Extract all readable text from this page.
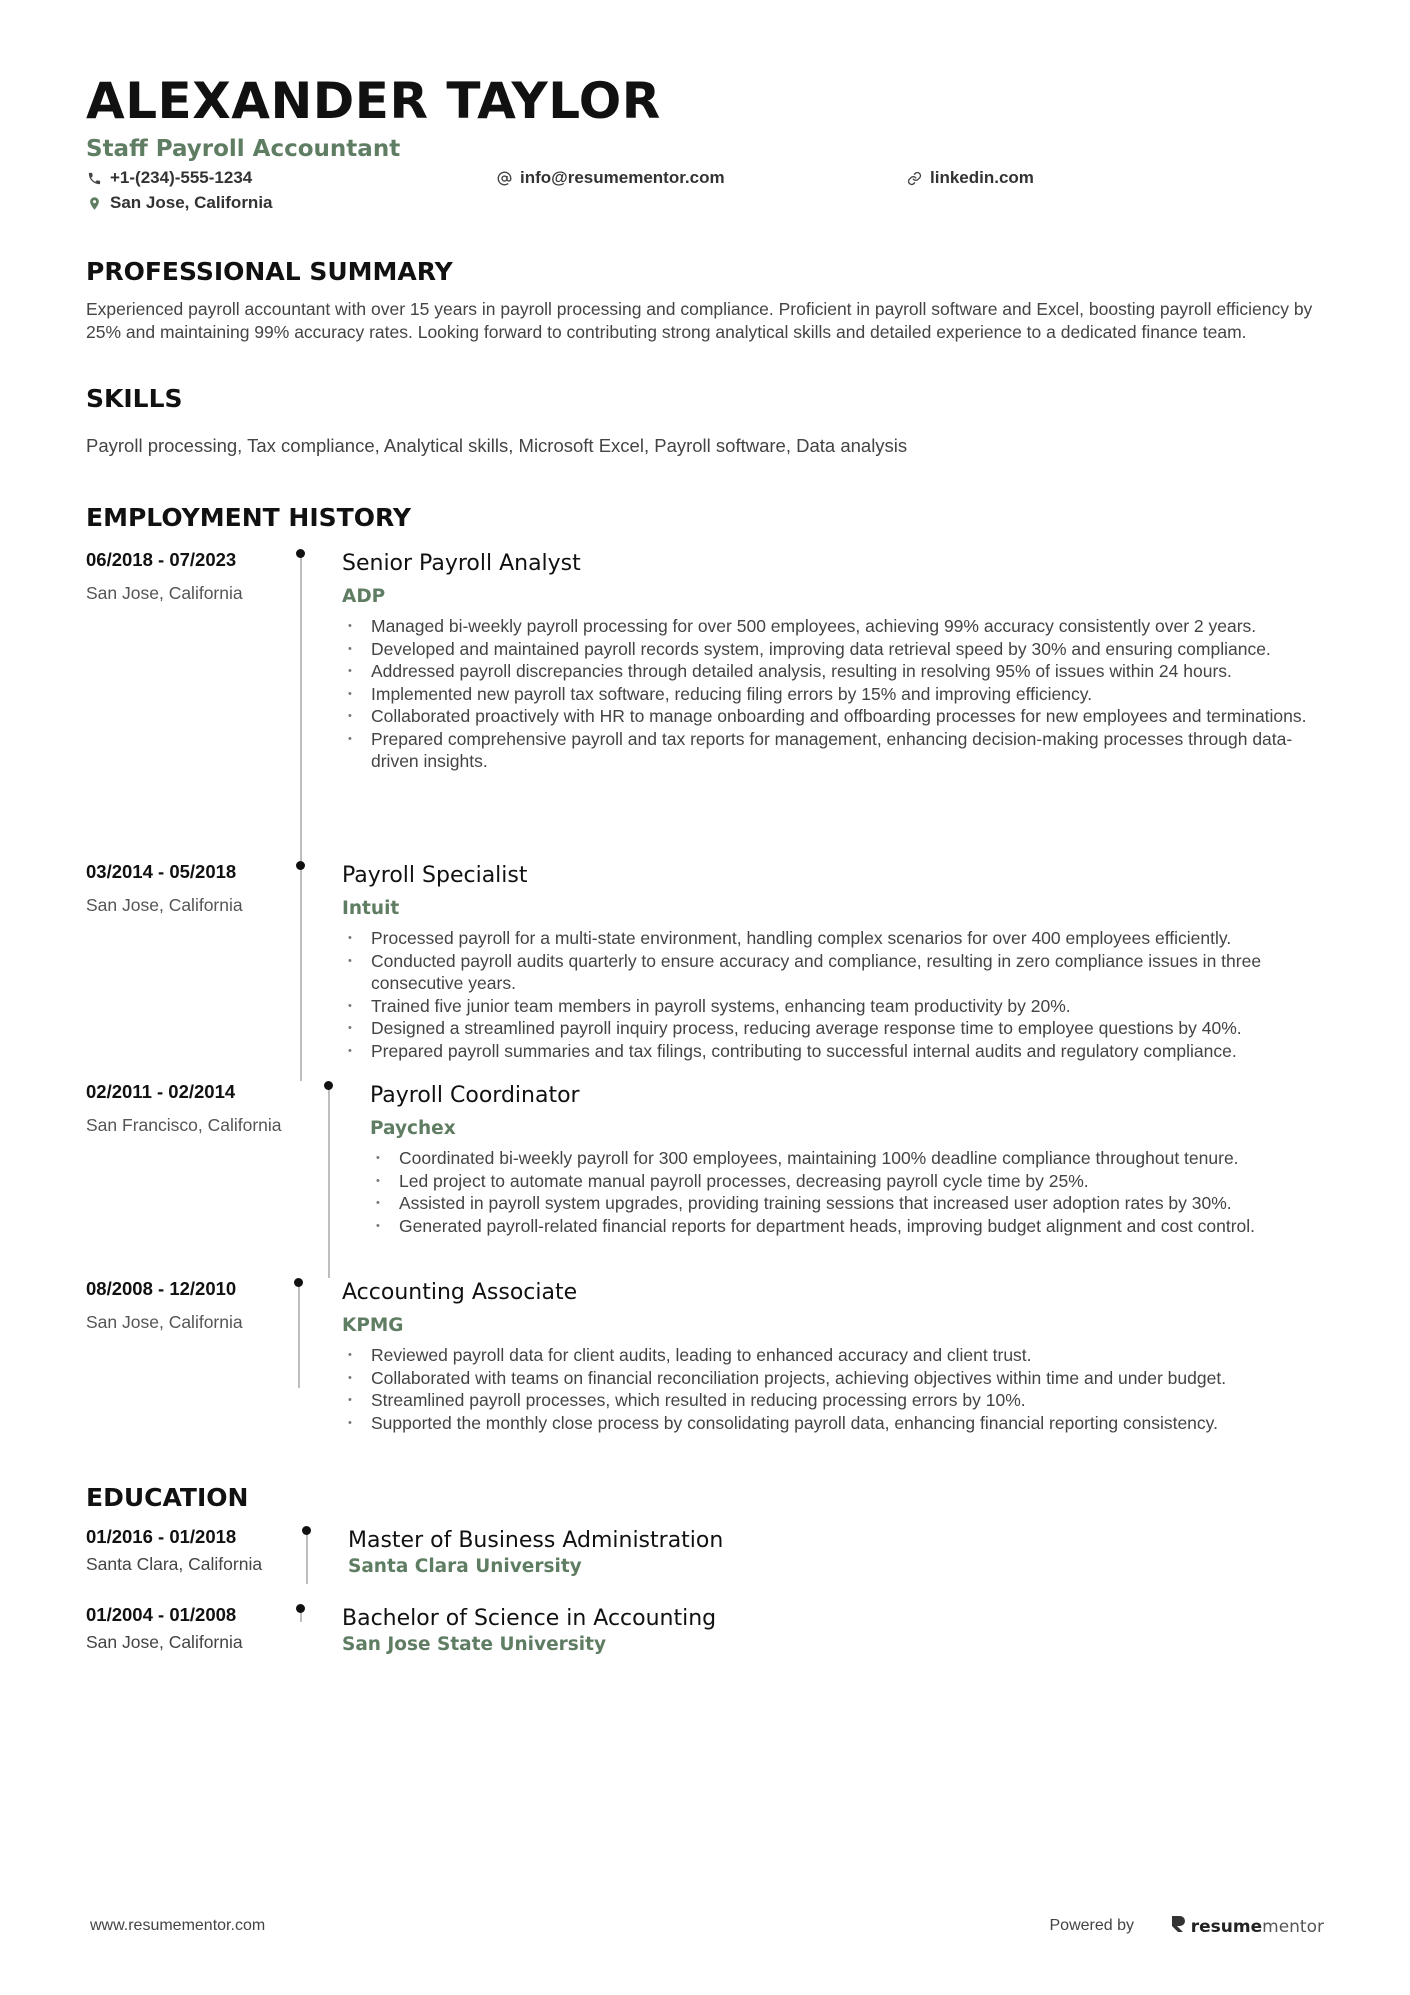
ALEXANDER TAYLOR
Staff Payroll Accountant
+1-(234)-555-1234	info@resumementor.com	linkedin.com
San Jose, California
PROFESSIONAL SUMMARY
Experienced payroll accountant with over 15 years in payroll processing and compliance. Proficient in payroll software and Excel, boosting payroll efficiency by 25% and maintaining 99% accuracy rates. Looking forward to contributing strong analytical skills and detailed experience to a dedicated finance team.
SKILLS
Payroll processing, Tax compliance, Analytical skills, Microsoft Excel, Payroll software, Data analysis
EMPLOYMENT HISTORY
06/2018 - 07/2023
San Jose, California
Senior Payroll Analyst
ADP
• Managed bi-weekly payroll processing for over 500 employees, achieving 99% accuracy consistently over 2 years.
• Developed and maintained payroll records system, improving data retrieval speed by 30% and ensuring compliance.
• Addressed payroll discrepancies through detailed analysis, resulting in resolving 95% of issues within 24 hours.
• Implemented new payroll tax software, reducing filing errors by 15% and improving efficiency.
• Collaborated proactively with HR to manage onboarding and offboarding processes for new employees and terminations.
• Prepared comprehensive payroll and tax reports for management, enhancing decision-making processes through data-driven insights.
03/2014 - 05/2018
San Jose, California
Payroll Specialist
Intuit
• Processed payroll for a multi-state environment, handling complex scenarios for over 400 employees efficiently.
• Conducted payroll audits quarterly to ensure accuracy and compliance, resulting in zero compliance issues in three consecutive years.
• Trained five junior team members in payroll systems, enhancing team productivity by 20%.
• Designed a streamlined payroll inquiry process, reducing average response time to employee questions by 40%.
• Prepared payroll summaries and tax filings, contributing to successful internal audits and regulatory compliance.
02/2011 - 02/2014
San Francisco, California
Payroll Coordinator
Paychex
• Coordinated bi-weekly payroll for 300 employees, maintaining 100% deadline compliance throughout tenure.
• Led project to automate manual payroll processes, decreasing payroll cycle time by 25%.
• Assisted in payroll system upgrades, providing training sessions that increased user adoption rates by 30%.
• Generated payroll-related financial reports for department heads, improving budget alignment and cost control.
08/2008 - 12/2010
San Jose, California
Accounting Associate
KPMG
• Reviewed payroll data for client audits, leading to enhanced accuracy and client trust.
• Collaborated with teams on financial reconciliation projects, achieving objectives within time and under budget.
• Streamlined payroll processes, which resulted in reducing processing errors by 10%.
• Supported the monthly close process by consolidating payroll data, enhancing financial reporting consistency.
EDUCATION
01/2016 - 01/2018
Santa Clara, California
Master of Business Administration
Santa Clara University
01/2004 - 01/2008
San Jose, California
Bachelor of Science in Accounting
San Jose State University
www.resumementor.com	Powered by	resume mentor
